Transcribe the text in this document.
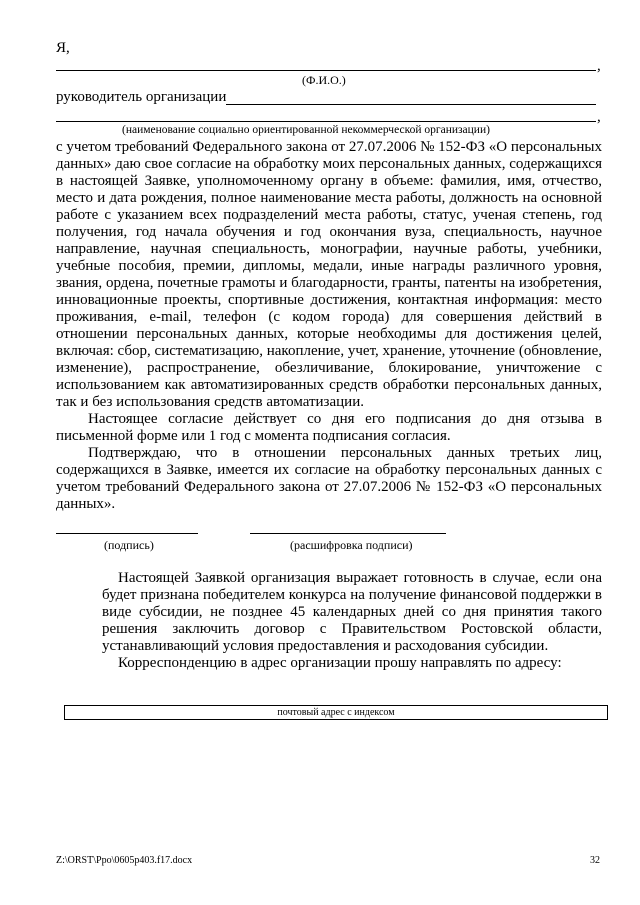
Я,
,
(Ф.И.О.)
руководитель организации
,
(наименование социально ориентированной некоммерческой организации)

с учетом требований Федерального закона от 27.07.2006 № 152-ФЗ «О персональных данных» даю свое согласие на обработку моих персональных данных, содержащихся в настоящей Заявке, уполномоченному органу в объеме: фамилия, имя, отчество, место и дата рождения, полное наименование места работы, должность на основной работе с указанием всех подразделений места работы, статус, ученая степень, год получения, год начала обучения и год окончания вуза, специальность, научное направление, научная специальность, монографии, научные работы, учебники, учебные пособия, премии, дипломы, медали, иные награды различного уровня, звания, ордена, почетные грамоты и благодарности, гранты, патенты на изобретения, инновационные проекты, спортивные достижения, контактная информация: место проживания, e-mail, телефон (с кодом города) для совершения действий в отношении персональных данных, которые необходимы для достижения целей, включая: сбор, систематизацию, накопление, учет, хранение, уточнение (обновление, изменение), распространение, обезличивание, блокирование, уничтожение с использованием как автоматизированных средств обработки персональных данных, так и без использования средств автоматизации.

Настоящее согласие действует со дня его подписания до дня отзыва в письменной форме или 1 год с момента подписания согласия.

Подтверждаю, что в отношении персональных данных третьих лиц, содержащихся в Заявке, имеется их согласие на обработку персональных данных с учетом требований Федерального закона от 27.07.2006 № 152-ФЗ «О персональных данных».

(подпись)	(расшифровка подписи)

Настоящей Заявкой организация выражает готовность в случае, если она будет признана победителем конкурса на получение финансовой поддержки в виде субсидии, не позднее 45 календарных дней со дня принятия такого решения заключить договор с Правительством Ростовской области, устанавливающий условия предоставления и расходования субсидии.

Корреспонденцию в адрес организации прошу направлять по адресу:

почтовый адрес с индексом
Z:\ORST\Ppo\0605p403.f17.docx	32
